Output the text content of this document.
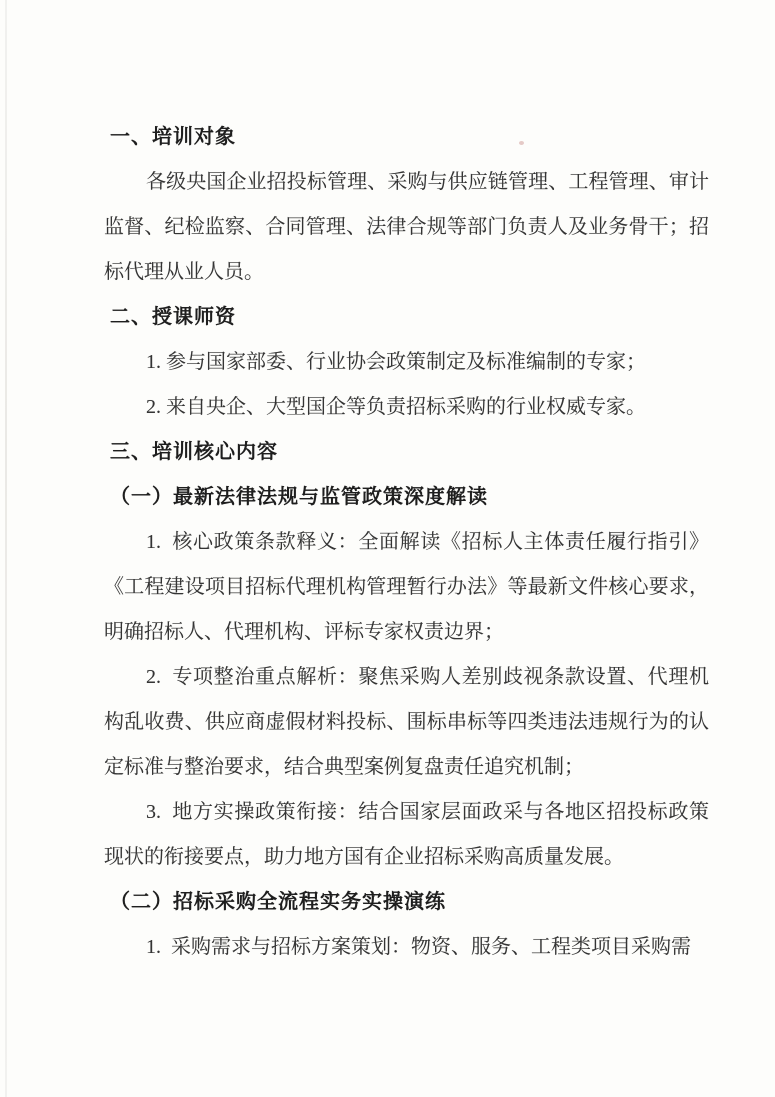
一、培训对象
各级央国企业招投标管理、采购与供应链管理、工程管理、审计监督、纪检监察、合同管理、法律合规等部门负责人及业务骨干；招标代理从业人员。
二、授课师资
1. 参与国家部委、行业协会政策制定及标准编制的专家；
2. 来自央企、大型国企等负责招标采购的行业权威专家。
三、培训核心内容
（一）最新法律法规与监管政策深度解读
1.  核心政策条款释义：全面解读《招标人主体责任履行指引》《工程建设项目招标代理机构管理暂行办法》等最新文件核心要求，明确招标人、代理机构、评标专家权责边界；
2.  专项整治重点解析：聚焦采购人差别歧视条款设置、代理机构乱收费、供应商虚假材料投标、围标串标等四类违法违规行为的认定标准与整治要求，结合典型案例复盘责任追究机制；
3.  地方实操政策衔接：结合国家层面政采与各地区招投标政策现状的衔接要点，助力地方国有企业招标采购高质量发展。
（二）招标采购全流程实务实操演练
1.  采购需求与招标方案策划：物资、服务、工程类项目采购需
